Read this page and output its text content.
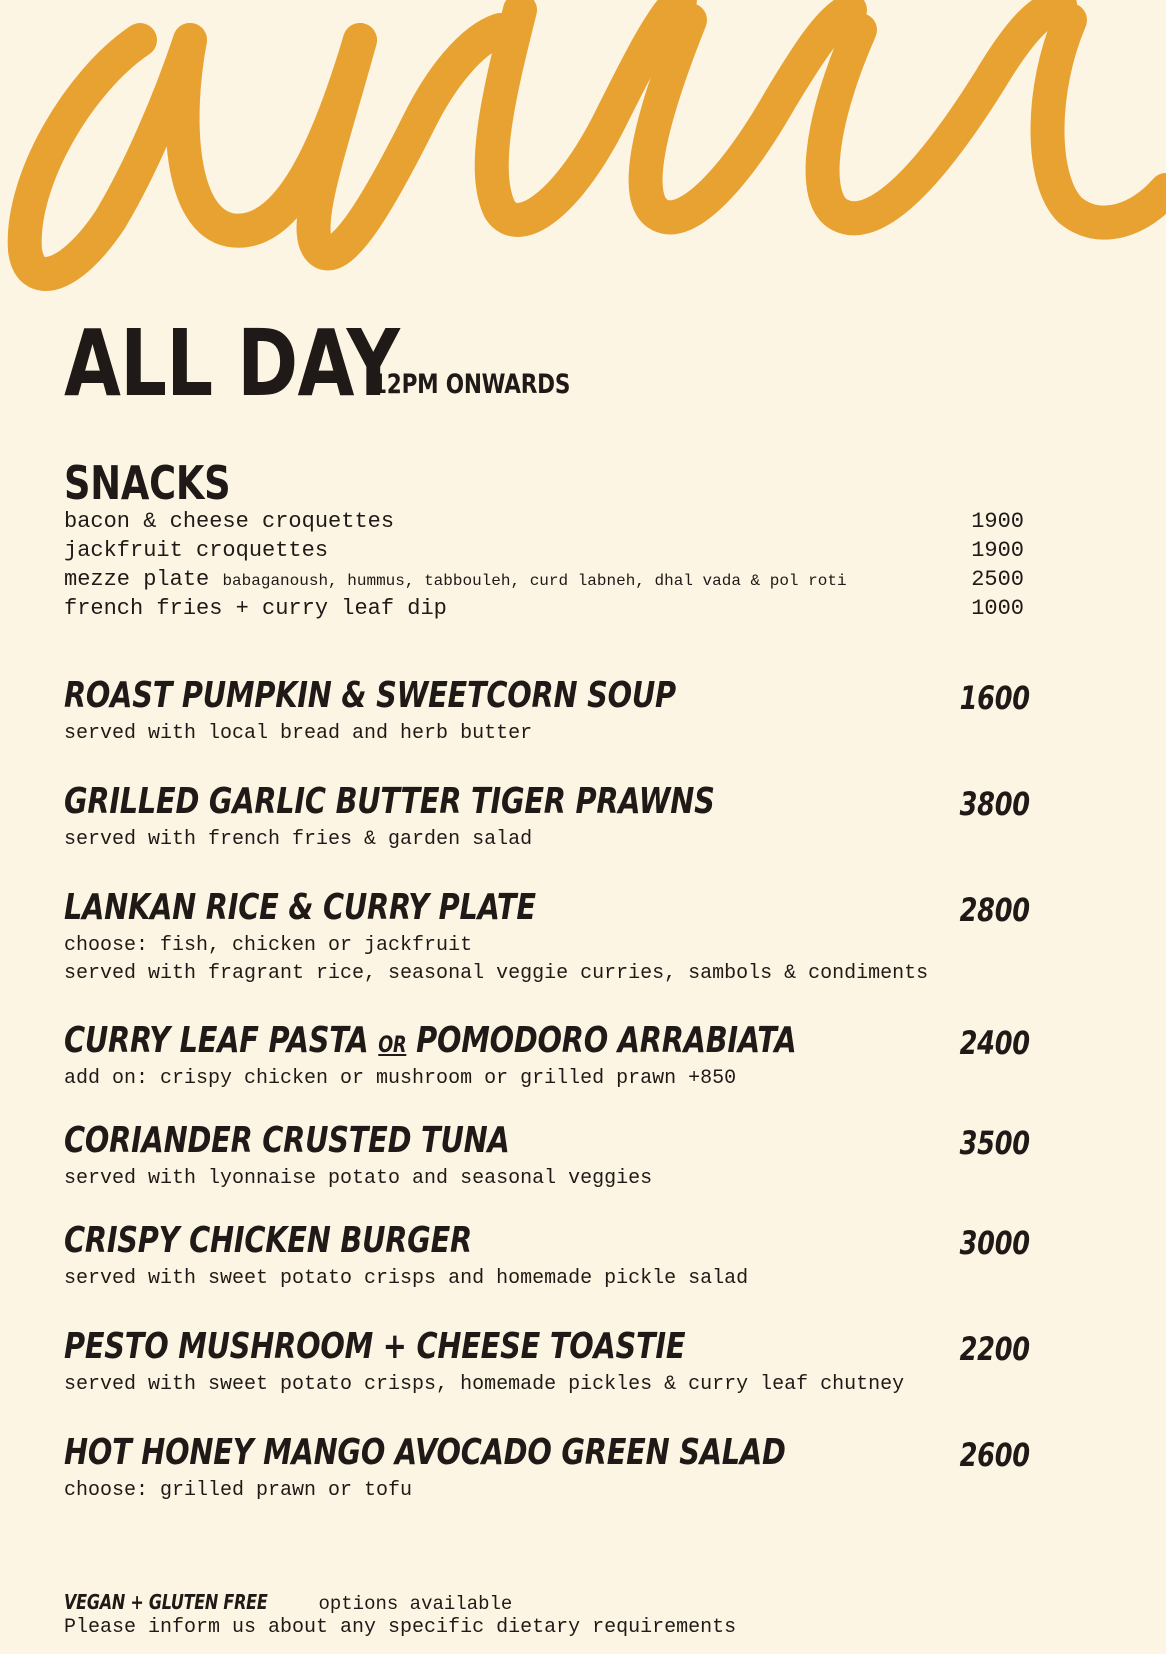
ALL DAY
12PM ONWARDS
SNACKS
bacon & cheese croquettes	1900
jackfruit croquettes	1900
mezze plate babaganoush, hummus, tabbouleh, curd labneh, dhal vada & pol roti	2500
french fries + curry leaf dip	1000
ROAST PUMPKIN & SWEETCORN SOUP	1600
served with local bread and herb butter
GRILLED GARLIC BUTTER TIGER PRAWNS	3800
served with french fries & garden salad
LANKAN RICE & CURRY PLATE	2800
choose: fish, chicken or jackfruit
served with fragrant rice, seasonal veggie curries, sambols & condiments
CURRY LEAF PASTA OR POMODORO ARRABIATA	2400
add on: crispy chicken or mushroom or grilled prawn +850
CORIANDER CRUSTED TUNA	3500
served with lyonnaise potato and seasonal veggies
CRISPY CHICKEN BURGER	3000
served with sweet potato crisps and homemade pickle salad
PESTO MUSHROOM + CHEESE TOASTIE	2200
served with sweet potato crisps, homemade pickles & curry leaf chutney
HOT HONEY MANGO AVOCADO GREEN SALAD	2600
choose: grilled prawn or tofu
VEGAN + GLUTEN FREE	options available
Please inform us about any specific dietary requirements
